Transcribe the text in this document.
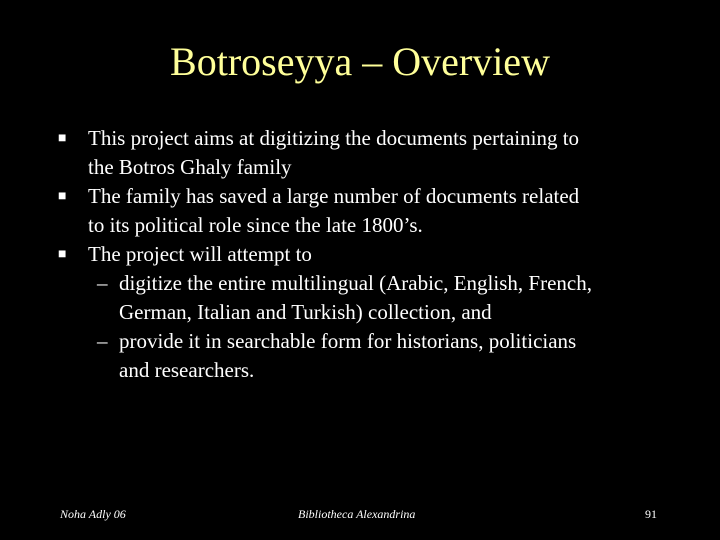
Botroseyya – Overview
■	This project aims at digitizing the documents pertaining to
the Botros Ghaly family
■	The family has saved a large number of documents related
to its political role since the late 1800’s.
■	The project will attempt to
– digitize the entire multilingual (Arabic, English, French,
German, Italian and Turkish) collection, and
– provide it in searchable form for historians, politicians
and researchers.
Noha Adly 06	Bibliotheca Alexandrina	91
